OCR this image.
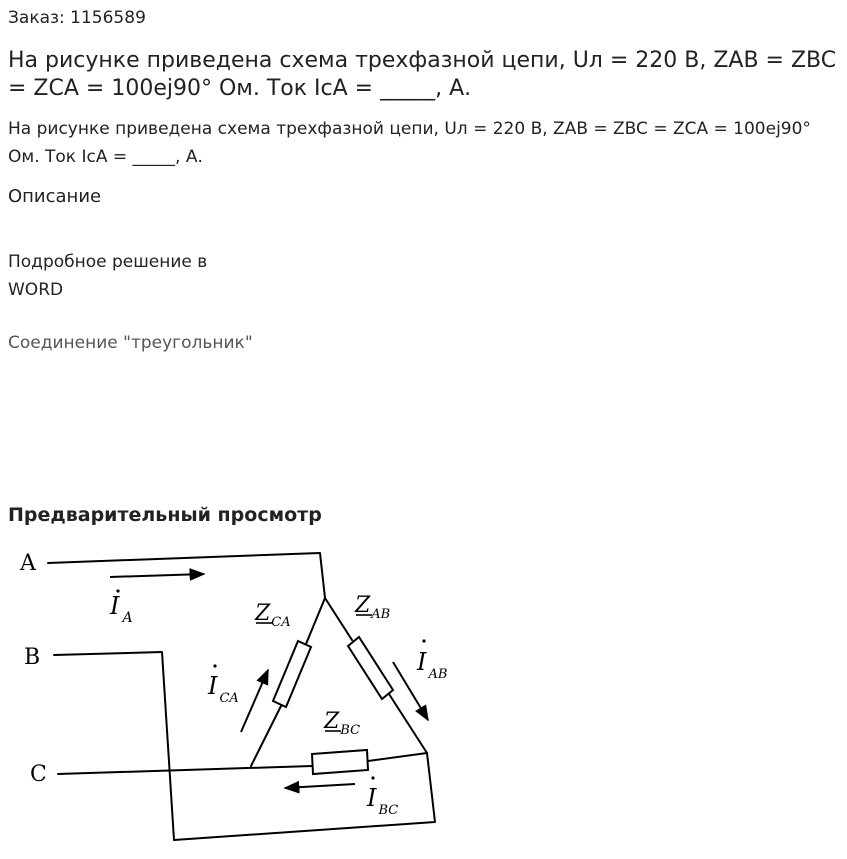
Заказ: 1156589

На рисунке приведена схема трехфазной цепи, Uл = 220 В, ZAB = ZBC = ZCA = 100ej90° Ом. Ток IcA = _____, А.

На рисунке приведена схема трехфазной цепи, Uл = 220 В, ZAB = ZBC = ZCA = 100ej90° Ом. Ток IcA = _____, А.

Описание

Подробное решение в WORD

Соединение "треугольник"

Предварительный просмотр
A
B
C
I A	$Z_{CA}$
$Z_{AB}$
I $_{CA}$
I $_{AB}$
$Z_{BC}$
I $_{BC}$
